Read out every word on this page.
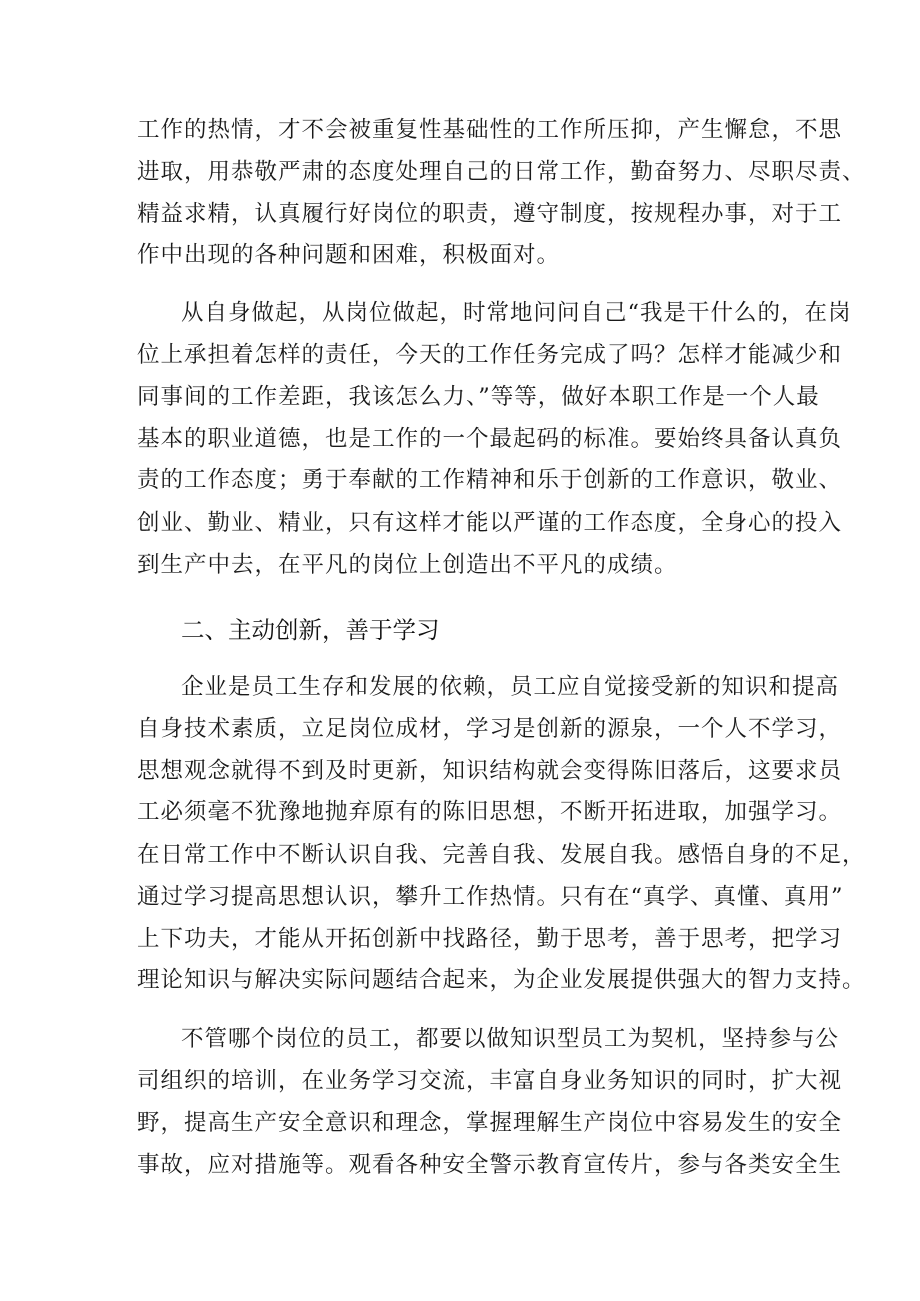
工作的热情，才不会被重复性基础性的工作所压抑，产生懈怠，不思
进取，用恭敬严肃的态度处理自己的日常工作，勤奋努力、尽职尽责、
精益求精，认真履行好岗位的职责，遵守制度，按规程办事，对于工
作中出现的各种问题和困难，积极面对。
从自身做起，从岗位做起，时常地问问自己“我是干什么的，在岗
位上承担着怎样的责任，今天的工作任务完成了吗？怎样才能减少和
同事间的工作差距，我该怎么力、”等等，做好本职工作是一个人最
基本的职业道德，也是工作的一个最起码的标准。要始终具备认真负
责的工作态度；勇于奉献的工作精神和乐于创新的工作意识，敬业、
创业、勤业、精业，只有这样才能以严谨的工作态度，全身心的投入
到生产中去，在平凡的岗位上创造出不平凡的成绩。
二、主动创新，善于学习
企业是员工生存和发展的依赖，员工应自觉接受新的知识和提高
自身技术素质，立足岗位成材，学习是创新的源泉，一个人不学习，
思想观念就得不到及时更新，知识结构就会变得陈旧落后，这要求员
工必须毫不犹豫地抛弃原有的陈旧思想，不断开拓进取，加强学习。
在日常工作中不断认识自我、完善自我、发展自我。感悟自身的不足，
通过学习提高思想认识，攀升工作热情。只有在“真学、真懂、真用”
上下功夫，才能从开拓创新中找路径，勤于思考，善于思考，把学习
理论知识与解决实际问题结合起来，为企业发展提供强大的智力支持。
不管哪个岗位的员工，都要以做知识型员工为契机，坚持参与公
司组织的培训，在业务学习交流，丰富自身业务知识的同时，扩大视
野，提高生产安全意识和理念，掌握理解生产岗位中容易发生的安全
事故，应对措施等。观看各种安全警示教育宣传片，参与各类安全生
